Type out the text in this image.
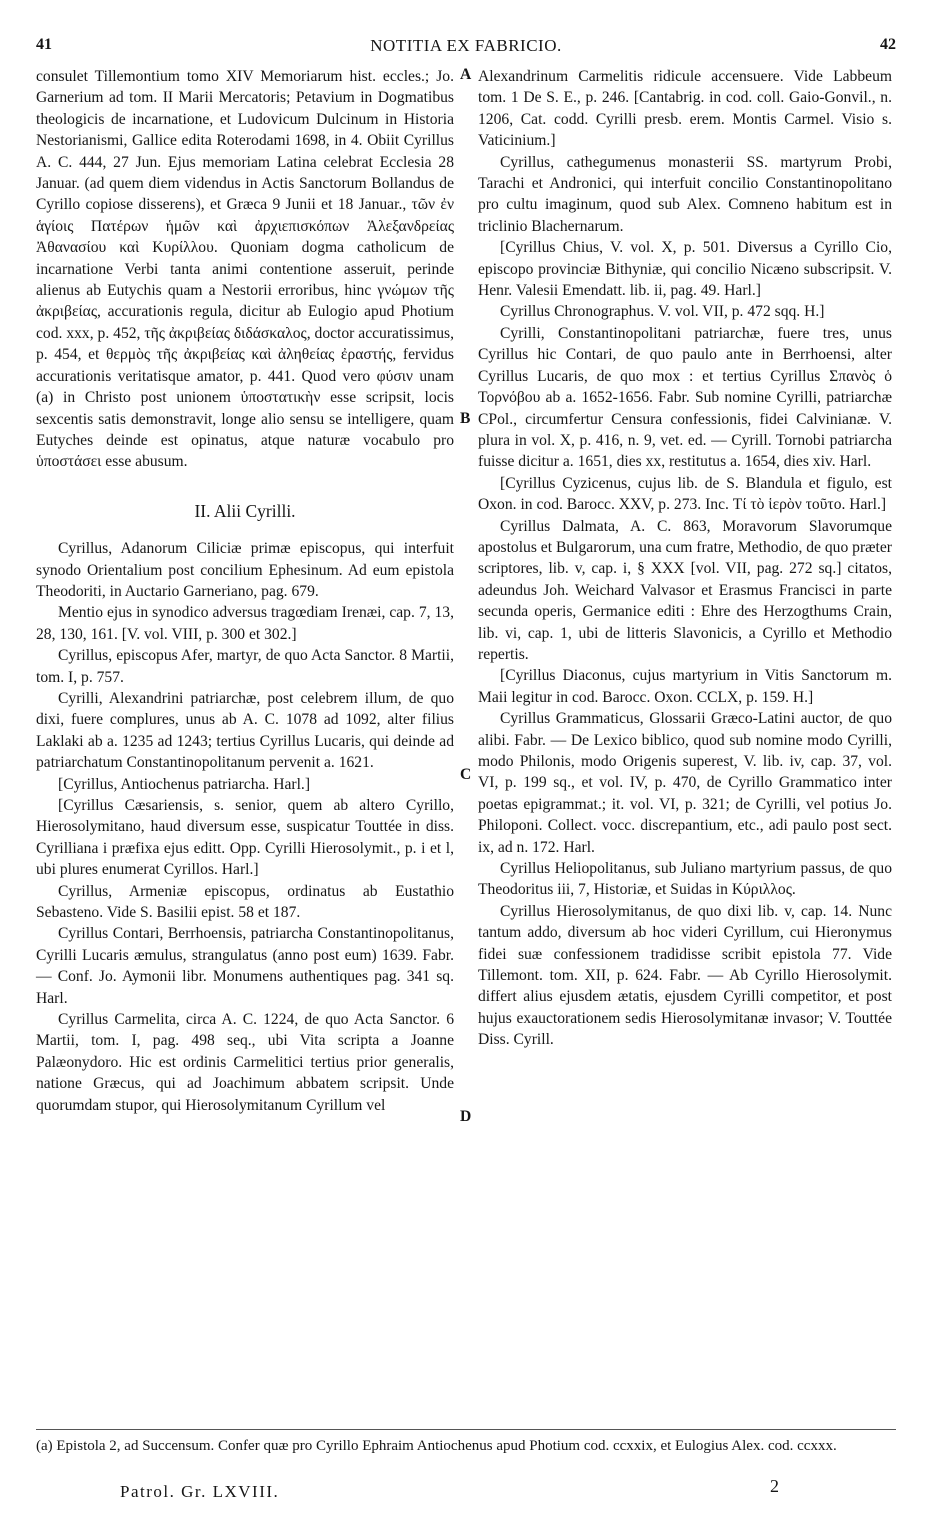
41	NOTITIA EX FABRICIO.	42

consulet Tillemontium tomo XIV Memoriarum hist. eccles.; Jo. Garnerium ad tom. II Marii Mercatoris; Petavium in Dogmatibus theologicis de incarnatione, et Ludovicum Dulcinum in Historia Nestorianismi, Gallice edita Roterodami 1698, in 4. Obiit Cyrillus A. C. 444, 27 Jun. Ejus memoriam Latina celebrat Ecclesia 28 Januar. (ad quem diem videndus in Actis Sanctorum Bollandus de Cyrillo copiose disserens), et Græca 9 Junii et 18 Januar., τῶν ἐν ἁγίοις Πατέρων ἡμῶν καὶ ἀρχιεπισκόπων Ἀλεξανδρείας Ἀθανασίου καὶ Κυρίλλου. Quoniam dogma catholicum de incarnatione Verbi tanta animi contentione asseruit, perinde alienus ab Eutychis quam a Nestorii erroribus, hinc γνώμων τῆς ἀκριβείας, accurationis regula, dicitur ab Eulogio apud Photium cod. xxx, p. 452, τῆς ἀκριβείας διδάσκαλος, doctor accuratissimus, p. 454, et θερμὸς τῆς ἀκριβείας καὶ ἀληθείας ἐραστής, fervidus accurationis veritatisque amator, p. 441. Quod vero φύσιν unam (a) in Christo post unionem ὑποστατικὴν esse scripsit, locis sexcentis satis demonstravit, longe alio sensu se intelligere, quam Eutyches deinde est opinatus, atque naturæ vocabulo pro ὑποστάσει esse abusum.

II. Alii Cyrilli.

Cyrillus, Adanorum Ciliciæ primæ episcopus, qui interfuit synodo Orientalium post concilium Ephesinum. Ad eum epistola Theodoriti, in Auctario Garneriano, pag. 679.

Mentio ejus in synodico adversus tragœdiam Irenæi, cap. 7, 13, 28, 130, 161. [V. vol. VIII, p. 300 et 302.]

Cyrillus, episcopus Afer, martyr, de quo Acta Sanctor. 8 Martii, tom. I, p. 757.

Cyrilli, Alexandrini patriarchæ, post celebrem illum, de quo dixi, fuere complures, unus ab A. C. 1078 ad 1092, alter filius Laklaki ab a. 1235 ad 1243; tertius Cyrillus Lucaris, qui deinde ad patriarchatum Constantinopolitanum pervenit a. 1621.

[Cyrillus, Antiochenus patriarcha. Harl.]

[Cyrillus Cæsariensis, s. senior, quem ab altero Cyrillo, Hierosolymitano, haud diversum esse, suspicatur Touttée in diss. Cyrilliana i præfixa ejus editt. Opp. Cyrilli Hierosolymit., p. i et l, ubi plures enumerat Cyrillos. Harl.]

Cyrillus, Armeniæ episcopus, ordinatus ab Eustathio Sebasteno. Vide S. Basilii epist. 58 et 187.

Cyrillus Contari, Berrhoensis, patriarcha Constantinopolitanus, Cyrilli Lucaris æmulus, strangulatus (anno post eum) 1639. Fabr. — Conf. Jo. Aymonii libr. Monumens authentiques pag. 341 sq. Harl.

Cyrillus Carmelita, circa A. C. 1224, de quo Acta Sanctor. 6 Martii, tom. I, pag. 498 seq., ubi Vita scripta a Joanne Palæonydoro. Hic est ordinis Carmelitici tertius prior generalis, natione Græcus, qui ad Joachimum abbatem scripsit. Unde quorumdam stupor, qui Hierosolymitanum Cyrillum vel

A
B
C
D

Alexandrinum Carmelitis ridicule accensuere. Vide Labbeum tom. 1 De S. E., p. 246. [Cantabrig. in cod. coll. Gaio-Gonvil., n. 1206, Cat. codd. Cyrilli presb. erem. Montis Carmel. Visio s. Vaticinium.]

Cyrillus, cathegumenus monasterii SS. martyrum Probi, Tarachi et Andronici, qui interfuit concilio Constantinopolitano pro cultu imaginum, quod sub Alex. Comneno habitum est in triclinio Blachernarum.

[Cyrillus Chius, V. vol. X, p. 501. Diversus a Cyrillo Cio, episcopo provinciæ Bithyniæ, qui concilio Nicæno subscripsit. V. Henr. Valesii Emendatt. lib. ii, pag. 49. Harl.]

Cyrillus Chronographus. V. vol. VII, p. 472 sqq. H.]

Cyrilli, Constantinopolitani patriarchæ, fuere tres, unus Cyrillus hic Contari, de quo paulo ante in Berrhoensi, alter Cyrillus Lucaris, de quo mox : et tertius Cyrillus Σπανὸς ὁ Τορνόβου ab a. 1652-1656. Fabr. Sub nomine Cyrilli, patriarchæ CPol., circumfertur Censura confessionis, fidei Calvinianæ. V. plura in vol. X, p. 416, n. 9, vet. ed. — Cyrill. Tornobi patriarcha fuisse dicitur a. 1651, dies xx, restitutus a. 1654, dies xiv. Harl.

[Cyrillus Cyzicenus, cujus lib. de S. Blandula et figulo, est Oxon. in cod. Barocc. XXV, p. 273. Inc. Τί τὸ ἱερὸν τοῦτο. Harl.]

Cyrillus Dalmata, A. C. 863, Moravorum Slavorumque apostolus et Bulgarorum, una cum fratre, Methodio, de quo præter scriptores, lib. v, cap. i, § XXX [vol. VII, pag. 272 sq.] citatos, adeundus Joh. Weichard Valvasor et Erasmus Francisci in parte secunda operis, Germanice editi : Ehre des Herzogthums Crain, lib. vi, cap. 1, ubi de litteris Slavonicis, a Cyrillo et Methodio repertis.

[Cyrillus Diaconus, cujus martyrium in Vitis Sanctorum m. Maii legitur in cod. Barocc. Oxon. CCLX, p. 159. H.]

Cyrillus Grammaticus, Glossarii Græco-Latini auctor, de quo alibi. Fabr. — De Lexico biblico, quod sub nomine modo Cyrilli, modo Philonis, modo Origenis superest, V. lib. iv, cap. 37, vol. VI, p. 199 sq., et vol. IV, p. 470, de Cyrillo Grammatico inter poetas epigrammat.; it. vol. VI, p. 321; de Cyrilli, vel potius Jo. Philoponi. Collect. vocc. discrepantium, etc., adi paulo post sect. ix, ad n. 172. Harl.

Cyrillus Heliopolitanus, sub Juliano martyrium passus, de quo Theodoritus iii, 7, Historiæ, et Suidas in Κύριλλος.

Cyrillus Hierosolymitanus, de quo dixi lib. v, cap. 14. Nunc tantum addo, diversum ab hoc videri Cyrillum, cui Hieronymus fidei suæ confessionem tradidisse scribit epistola 77. Vide Tillemont. tom. XII, p. 624. Fabr. — Ab Cyrillo Hierosolymit. differt alius ejusdem ætatis, ejusdem Cyrilli competitor, et post hujus exauctorationem sedis Hierosolymitanæ invasor; V. Touttée Diss. Cyrill.

(a) Epistola 2, ad Succensum. Confer quæ pro Cyrillo Ephraim Antiochenus apud Photium cod. ccxxix, et Eulogius Alex. cod. ccxxx.
Patrol. Gr. LXVIII.	2
